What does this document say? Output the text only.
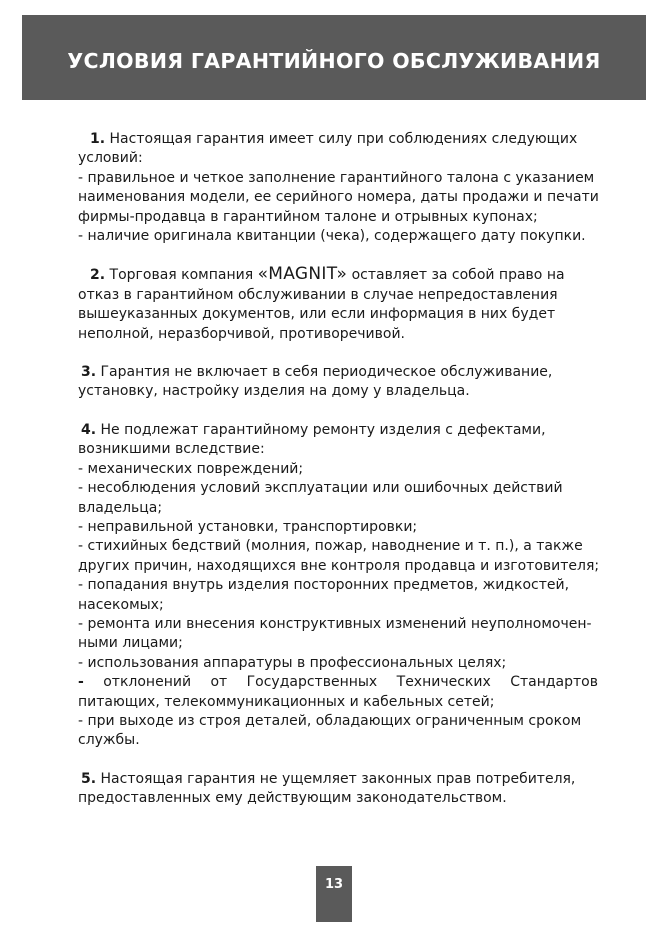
УСЛОВИЯ ГАРАНТИЙНОГО ОБСЛУЖИВАНИЯ
1. Настоящая гарантия имеет силу при соблюдениях следующих
условий:
- правильное и четкое заполнение гарантийного талона с указанием
наименования модели, ее серийного номера, даты продажи и печати
фирмы-продавца в гарантийном талоне и отрывных купонах;
- наличие оригинала квитанции (чека), содержащего дату покупки.
2. Торговая компания «MAGNIT» оставляет за собой право на
отказ в гарантийном обслуживании в случае непредоставления
вышеуказанных документов, или если информация в них будет
неполной, неразборчивой, противоречивой.
3. Гарантия не включает в себя периодическое обслуживание,
установку, настройку изделия на дому у владельца.
4. Не подлежат гарантийному ремонту изделия с дефектами,
возникшими вследствие:
- механических повреждений;
- несоблюдения условий эксплуатации или ошибочных действий
владельца;
- неправильной установки, транспортировки;
- стихийных бедствий (молния, пожар, наводнение и т. п.), а также
других причин, находящихся вне контроля продавца и изготовителя;
- попадания внутрь изделия посторонних предметов, жидкостей,
насекомых;
- ремонта или внесения конструктивных изменений неуполномочен-
ными лицами;
- использования аппаратуры в профессиональных целях;
- отклонений от Государственных Технических Стандартов
питающих, телекоммуникационных и кабельных сетей;
- при выходе из строя деталей, обладающих ограниченным сроком
службы.
5. Настоящая гарантия не ущемляет законных прав потребителя,
предоставленных ему действующим законодательством.
13
